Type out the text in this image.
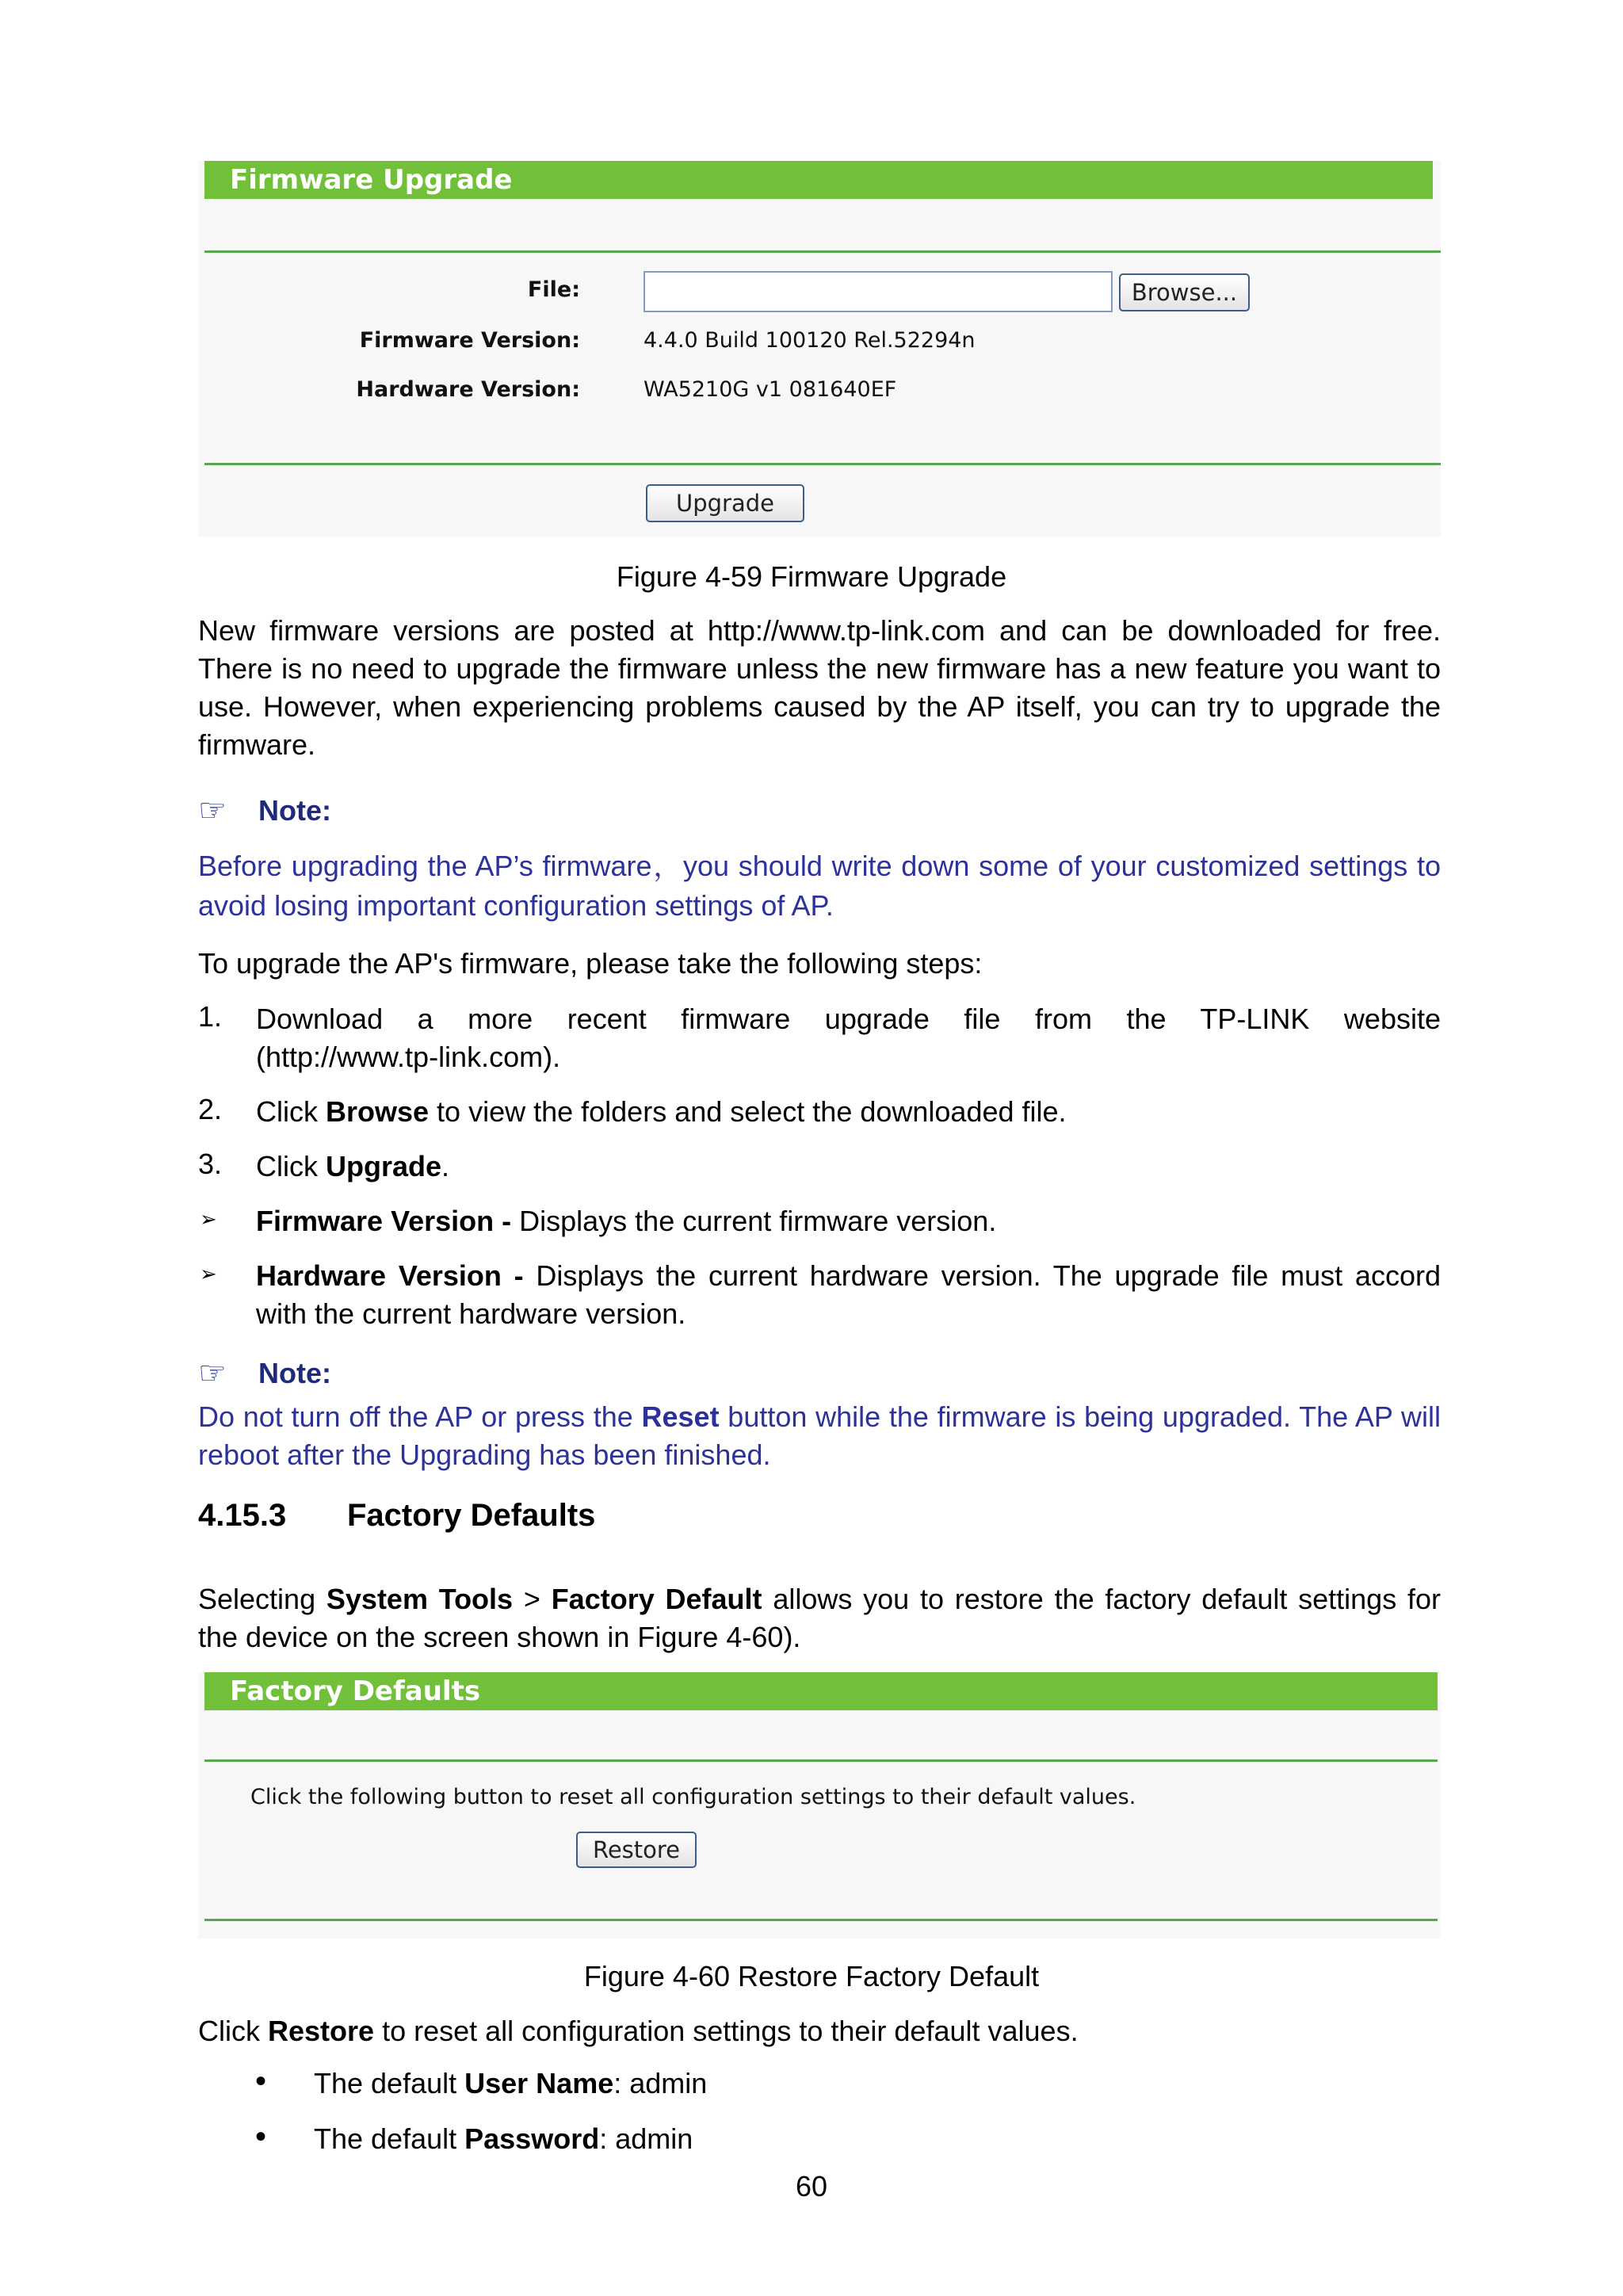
Firmware Upgrade
File:	Browse...
Firmware Version:	4.4.0 Build 100120 Rel.52294n
Hardware Version:	WA5210G v1 081640EF
Upgrade
Figure 4-59 Firmware Upgrade

New firmware versions are posted at http://www.tp-link.com and can be downloaded for free. There is no need to upgrade the firmware unless the new firmware has a new feature you want to use. However, when experiencing problems caused by the AP itself, you can try to upgrade the firmware.

☞	Note:

Before upgrading the AP’s firmware，you should write down some of your customized settings to avoid losing important configuration settings of AP.

To upgrade the AP's firmware, please take the following steps:
1. Download a more recent firmware upgrade file from the TP-LINK website
(http://www.tp-link.com).
2. Click Browse to view the folders and select the downloaded file.
3. Click Upgrade.
➢ Firmware Version - Displays the current firmware version.
➢ Hardware Version - Displays the current hardware version. The upgrade file must accord with the current hardware version.
☞	Note:

Do not turn off the AP or press the Reset button while the firmware is being upgraded. The AP will reboot after the Upgrading has been finished.

4.15.3 Factory Defaults

Selecting System Tools > Factory Default allows you to restore the factory default settings for the device on the screen shown in Figure 4-60).

Factory Defaults
Click the following button to reset all configuration settings to their default values.
Restore
Figure 4-60 Restore Factory Default
Click Restore to reset all configuration settings to their default values.
• The default User Name: admin
• The default Password: admin
60
